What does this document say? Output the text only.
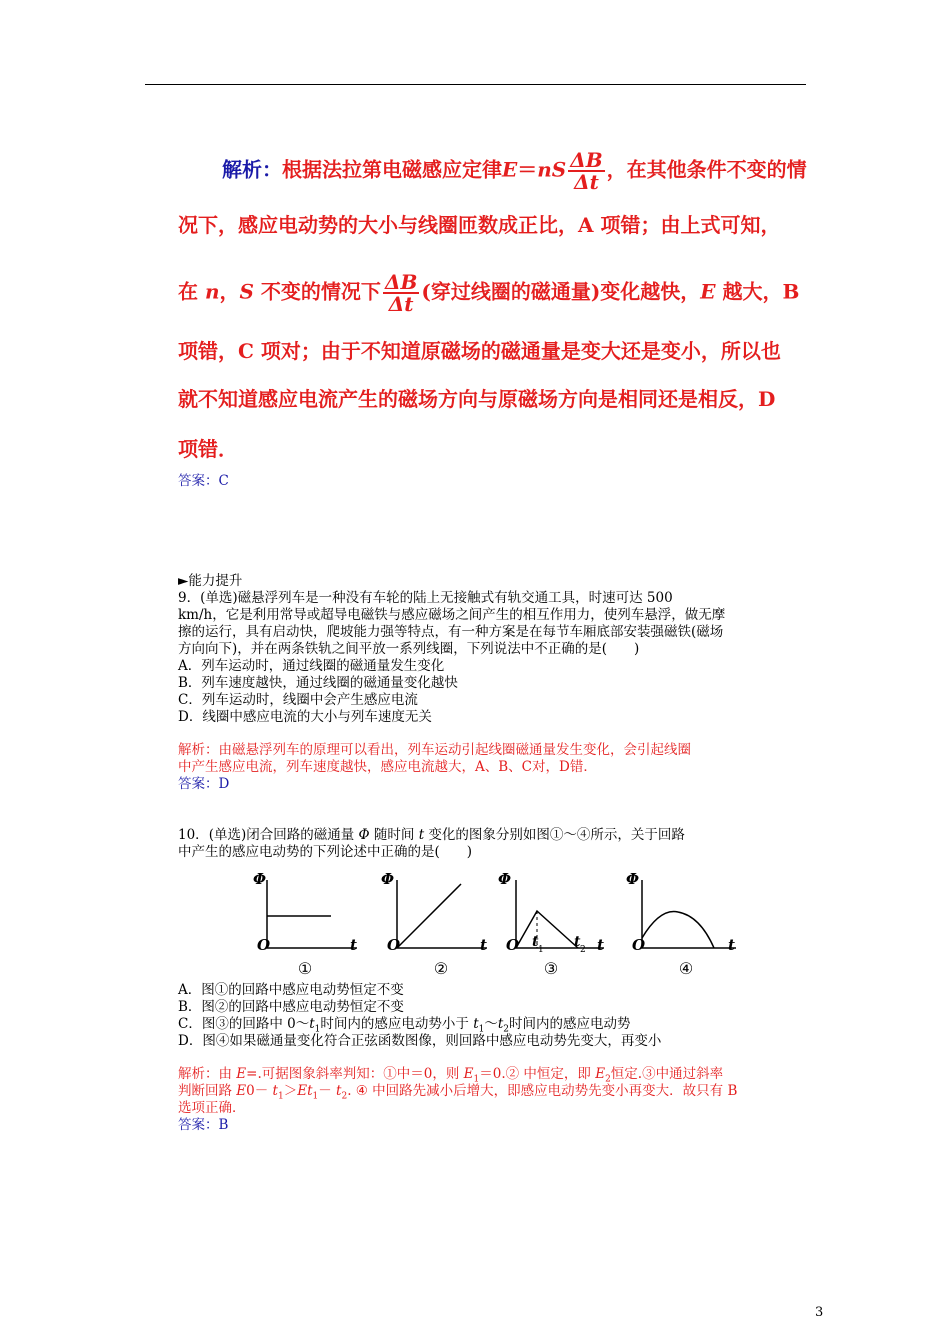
解析：根据法拉第电磁感应定律$E=nS \frac{\Delta B}{\Delta t}$ ，在其他条件不变的情
况下，感应电动势的大小与线圈匝数成正比，A 项错；由上式可知，
在 n，S 不变的情况下 $\frac{\Delta B}{\Delta t}$ (穿过线圈的磁通量)变化越快，E 越大，B
项错，C 项对；由于不知道原磁场的磁通量是变大还是变小，所以也
就不知道感应电流产生的磁场方向与原磁场方向是相同还是相反，D
项错．
答案：C
►能力提升
9．(单选)磁悬浮列车是一种没有车轮的陆上无接触式有轨交通工具，时速可达 500
km/h，它是利用常导或超导电磁铁与感应磁场之间产生的相互作用力，使列车悬浮，做无摩
擦的运行，具有启动快，爬坡能力强等特点，有一种方案是在每节车厢底部安装强磁铁(磁场
方向向下)，并在两条铁轨之间平放一系列线圈，下列说法中不正确的是(　　)
A．列车运动时，通过线圈的磁通量发生变化
B．列车速度越快，通过线圈的磁通量变化越快
C．列车运动时，线圈中会产生感应电流
D．线圈中感应电流的大小与列车速度无关
解析：由磁悬浮列车的原理可以看出，列车运动引起线圈磁通量发生变化，会引起线圈
中产生感应电流，列车速度越快，感应电流越大，A、B、C对，D错．
答案：D
10．(单选)闭合回路的磁通量 Φ 随时间 t 变化的图象分别如图①～④所示，关于回路
中产生的感应电动势的下列论述中正确的是(　　)
Φ
O	t
①
Φ
O	t
②
Φ
O	t
t 1 t 2
③
Φ
O	t
④
A．图①的回路中感应电动势恒定不变
B．图②的回路中感应电动势恒定不变
C．图③的回路中 $0\sim t_1$时间内的感应电动势小于 $t_1\sim t_2$时间内的感应电动势
D．图④如果磁通量变化符合正弦函数图像，则回路中感应电动势先变大，再变小
解析：由 E=.可据图象斜率判知：①中＝0，则 $E_1=0.②$ 中恒定，即 $E_2$恒定.③中通过斜率
判断回路 $E0- t_1>Et_1- t_2$. ④ 中回路先减小后增大，即感应电动势先变小再变大．故只有 B
选项正确．
答案：B
3
